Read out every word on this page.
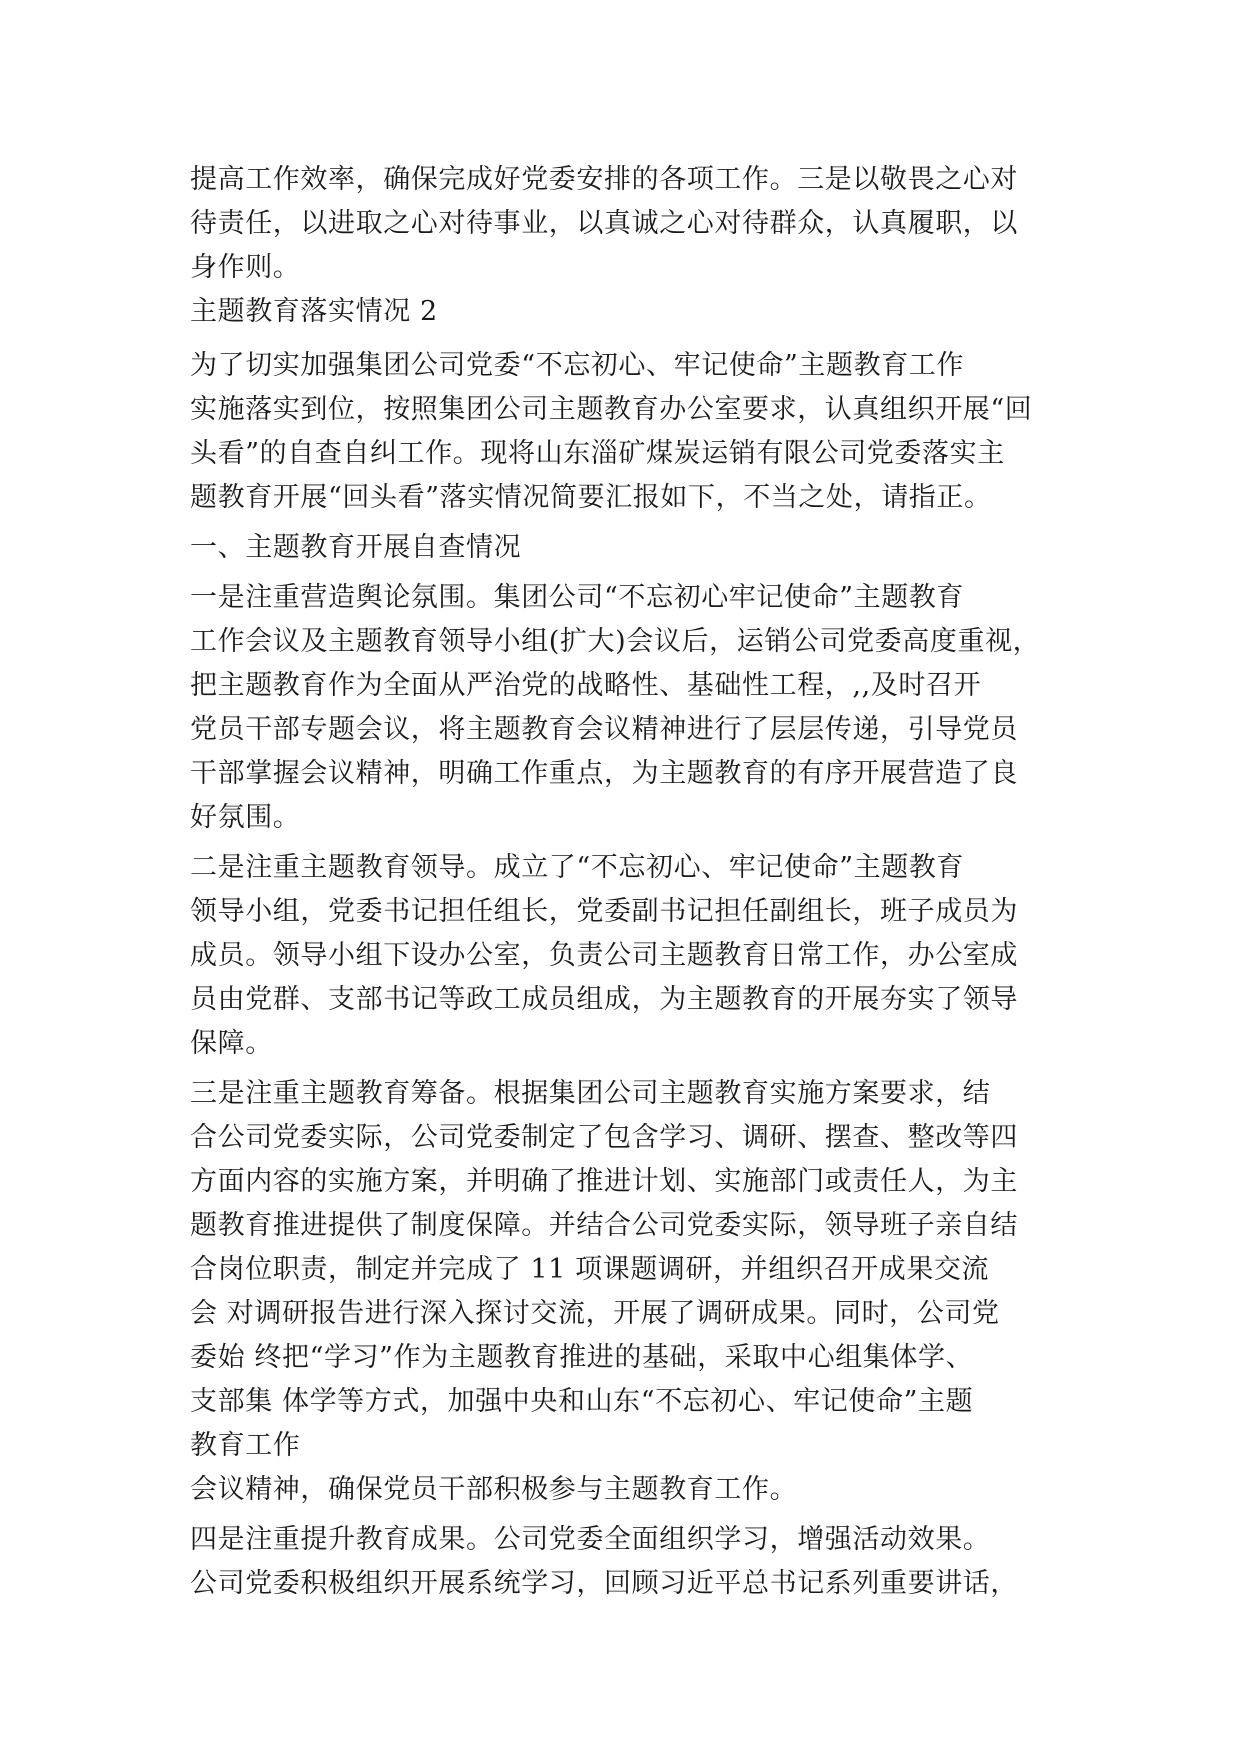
提高工作效率，确保完成好党委安排的各项工作。三是以敬畏之心对
待责任，以进取之心对待事业，以真诚之心对待群众，认真履职，以
身作则。
主题教育落实情况 2
为了切实加强集团公司党委“不忘初心、牢记使命”主题教育工作
实施落实到位，按照集团公司主题教育办公室要求，认真组织开展“回
头看”的自查自纠工作。现将山东淄矿煤炭运销有限公司党委落实主
题教育开展“回头看”落实情况简要汇报如下，不当之处，请指正。
一、主题教育开展自查情况
一是注重营造舆论氛围。集团公司“不忘初心牢记使命”主题教育
工作会议及主题教育领导小组(扩大)会议后，运销公司党委高度重视，
把主题教育作为全面从严治党的战略性、基础性工程，,,及时召开
党员干部专题会议，将主题教育会议精神进行了层层传递，引导党员
干部掌握会议精神，明确工作重点，为主题教育的有序开展营造了良
好氛围。
二是注重主题教育领导。成立了“不忘初心、牢记使命”主题教育
领导小组，党委书记担任组长，党委副书记担任副组长，班子成员为
成员。领导小组下设办公室，负责公司主题教育日常工作，办公室成
员由党群、支部书记等政工成员组成，为主题教育的开展夯实了领导
保障。
三是注重主题教育筹备。根据集团公司主题教育实施方案要求，结
合公司党委实际，公司党委制定了包含学习、调研、摆查、整改等四
方面内容的实施方案，并明确了推进计划、实施部门或责任人，为主
题教育推进提供了制度保障。并结合公司党委实际，领导班子亲自结
合岗位职责，制定并完成了 11 项课题调研，并组织召开成果交流
会 对调研报告进行深入探讨交流，开展了调研成果。同时，公司党
委始 终把“学习”作为主题教育推进的基础，采取中心组集体学、
支部集 体学等方式，加强中央和山东“不忘初心、牢记使命”主题
教育工作
会议精神，确保党员干部积极参与主题教育工作。
四是注重提升教育成果。公司党委全面组织学习，增强活动效果。
公司党委积极组织开展系统学习，回顾习近平总书记系列重要讲话，
